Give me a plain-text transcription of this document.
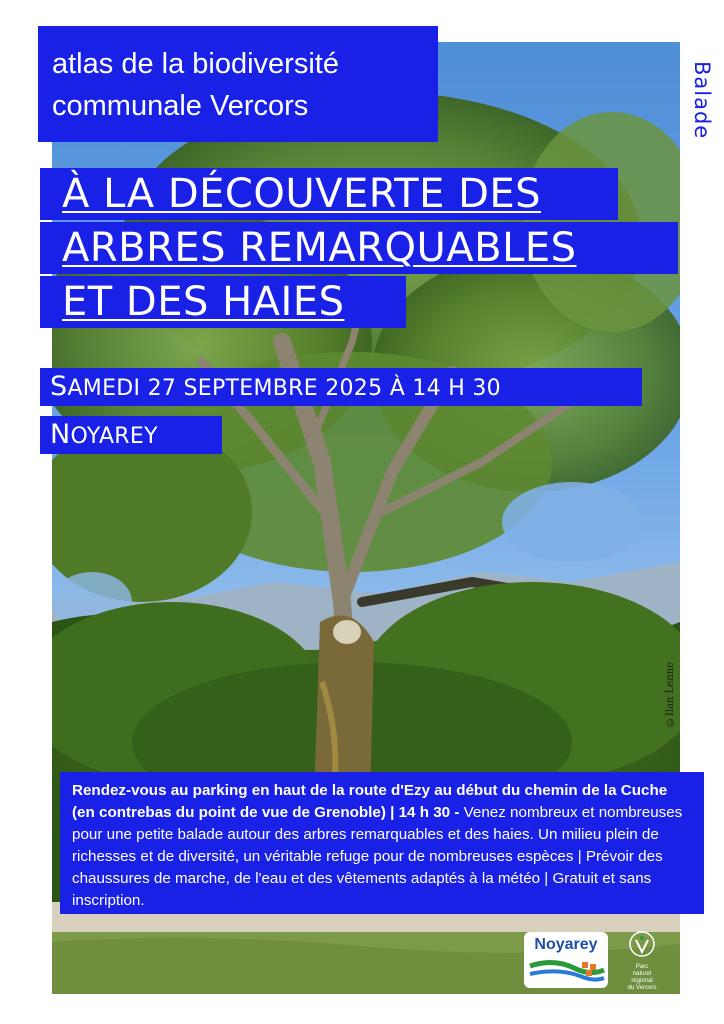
atlas de la biodiversité
communale Vercors	Balade
À LA DÉCOUVERTE DES
ARBRES REMARQUABLES
ET DES HAIES
SAMEDI 27 SEPTEMBRE 2025 À 14 H 30
NOYAREY
©Ilan Lenne
Rendez-vous au parking en haut de la route d'Ezy au début du chemin de la Cuche (en contrebas du point de vue de Grenoble) | 14 h 30 - Venez nombreux et nombreuses pour une petite balade autour des arbres remarquables et des haies. Un milieu plein de richesses et de diversité, un véritable refuge pour de nombreuses espèces | Prévoir des chaussures de marche, de l'eau et des vêtements adaptés à la météo | Gratuit et sans inscription.
Noyarey
Parc
naturel
régional
du Vercors
